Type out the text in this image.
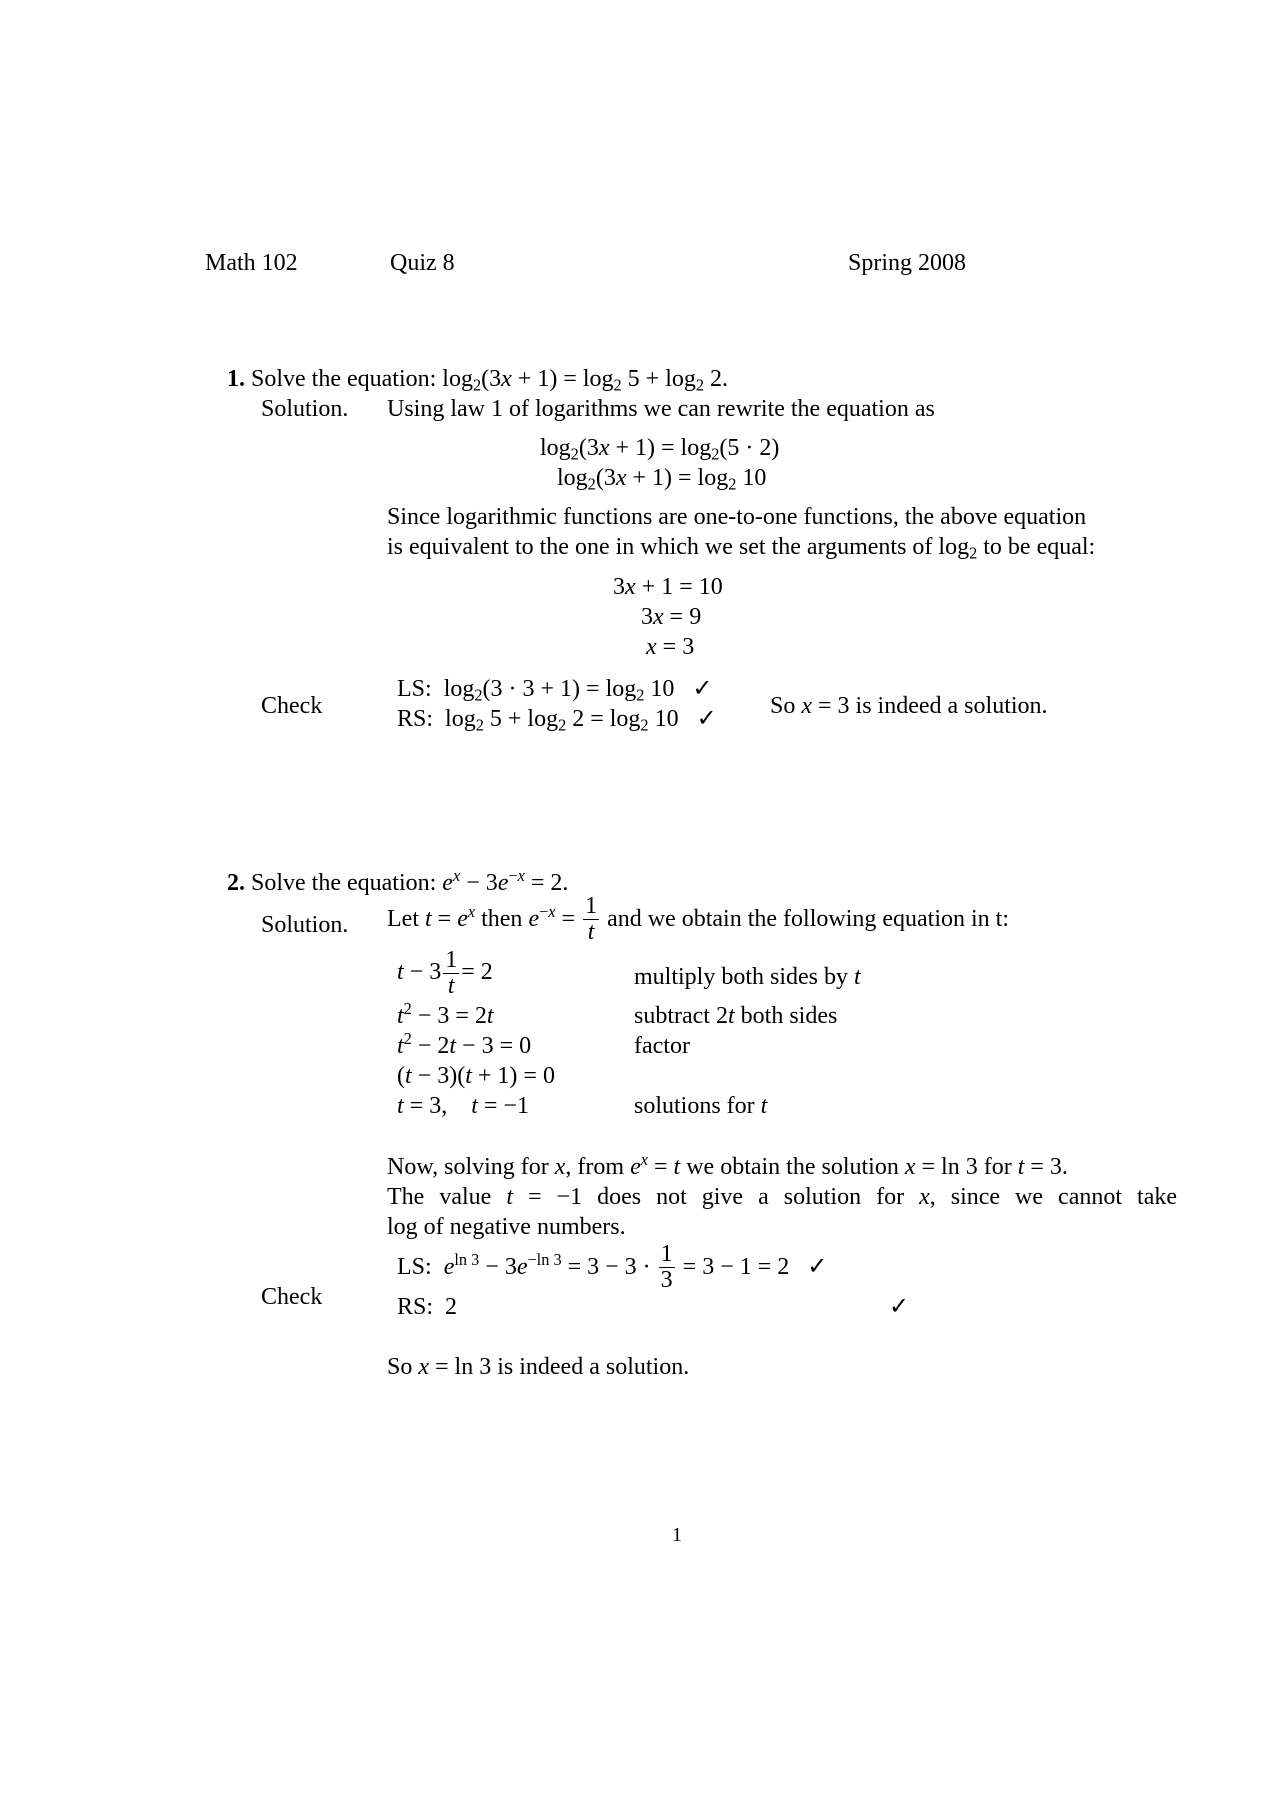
Math 102	Quiz 8	Spring 2008
1. Solve the equation: $\log_2(3x + 1) = \log_2 5 + \log_2 2$.
Solution. Using law 1 of logarithms we can rewrite the equation as
$\log_2(3x + 1) = \log_2(5 \cdot 2)$
$\log_2(3x + 1) = \log_2 10$
Since logarithmic functions are one-to-one functions, the above equation
is equivalent to the one in which we set the arguments of $\log_2$ to be equal:
3x + 1 = 10
3x = 9
x = 3
Check
LS:  $\log_2(3 \cdot 3 + 1) = \log_2 10$   ✓
RS:  $\log_2 5 + \log_2 2 = \log_2 10$   ✓ So x = 3 is indeed a solution.
2. Solve the equation: $e^x - 3e^{-x} = 2$.
Solution. Let $t = e^x$ then $e^{-x} = \frac{1}{t}$ and we obtain the following equation in t:
$t - 3 \frac{1}{t} = 2$	multiply both sides by t
$t^2 - 3 = 2t$	subtract 2t both sides
$t^2 - 2t - 3 = 0$	factor
(t − 3)(t + 1) = 0
t = 3,    t = −1	solutions for t
Now, solving for x, from $e^x = t$ we obtain the solution x = ln 3 for t = 3.
The value t = −1 does not give a solution for x, since we cannot take
log of negative numbers.
Check
LS: $e^{ln 3} - 3e^{-ln 3} = 3 - 3 \cdot \frac{1}{3} = 3 - 1 = 2$   ✓
RS: 2	✓
So x = ln 3 is indeed a solution.
1
